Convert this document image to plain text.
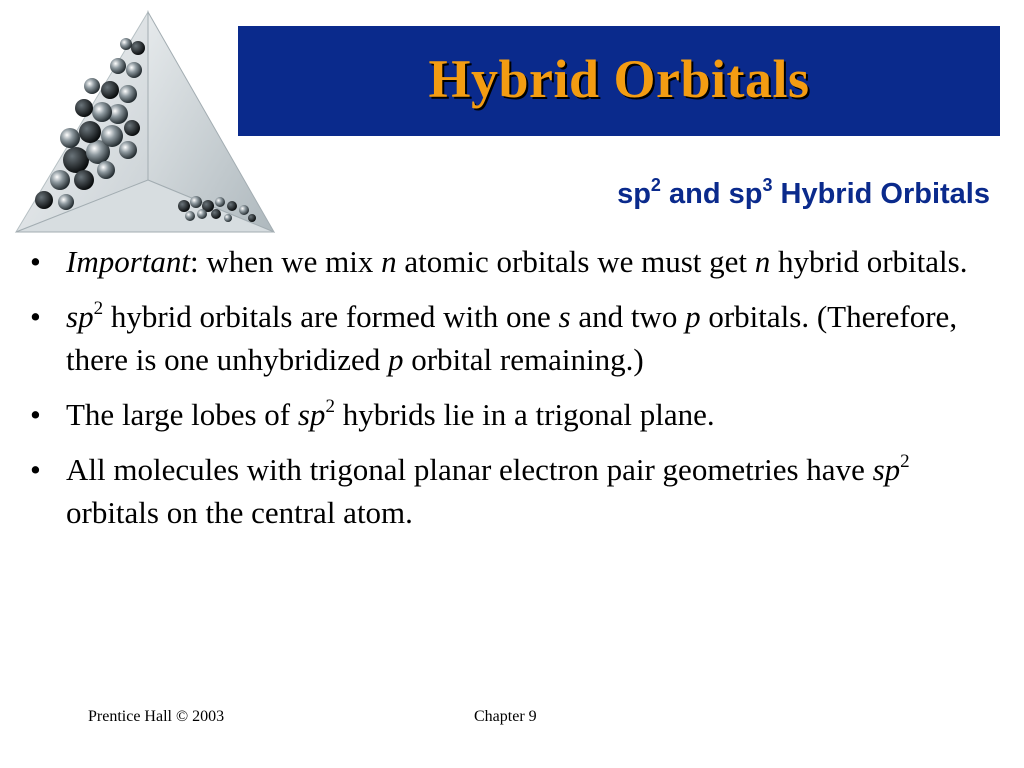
Hybrid Orbitals
$sp^2$ and $sp^3$ Hybrid Orbitals
• Important: when we mix n atomic orbitals we must get n hybrid orbitals.
• $sp^2$ hybrid orbitals are formed with one s and two p orbitals. (Therefore, there is one unhybridized p orbital remaining.)
• The large lobes of $sp^2$ hybrids lie in a trigonal plane.
• All molecules with trigonal planar electron pair geometries have $sp^2$ orbitals on the central atom.
Prentice Hall © 2003	Chapter 9
